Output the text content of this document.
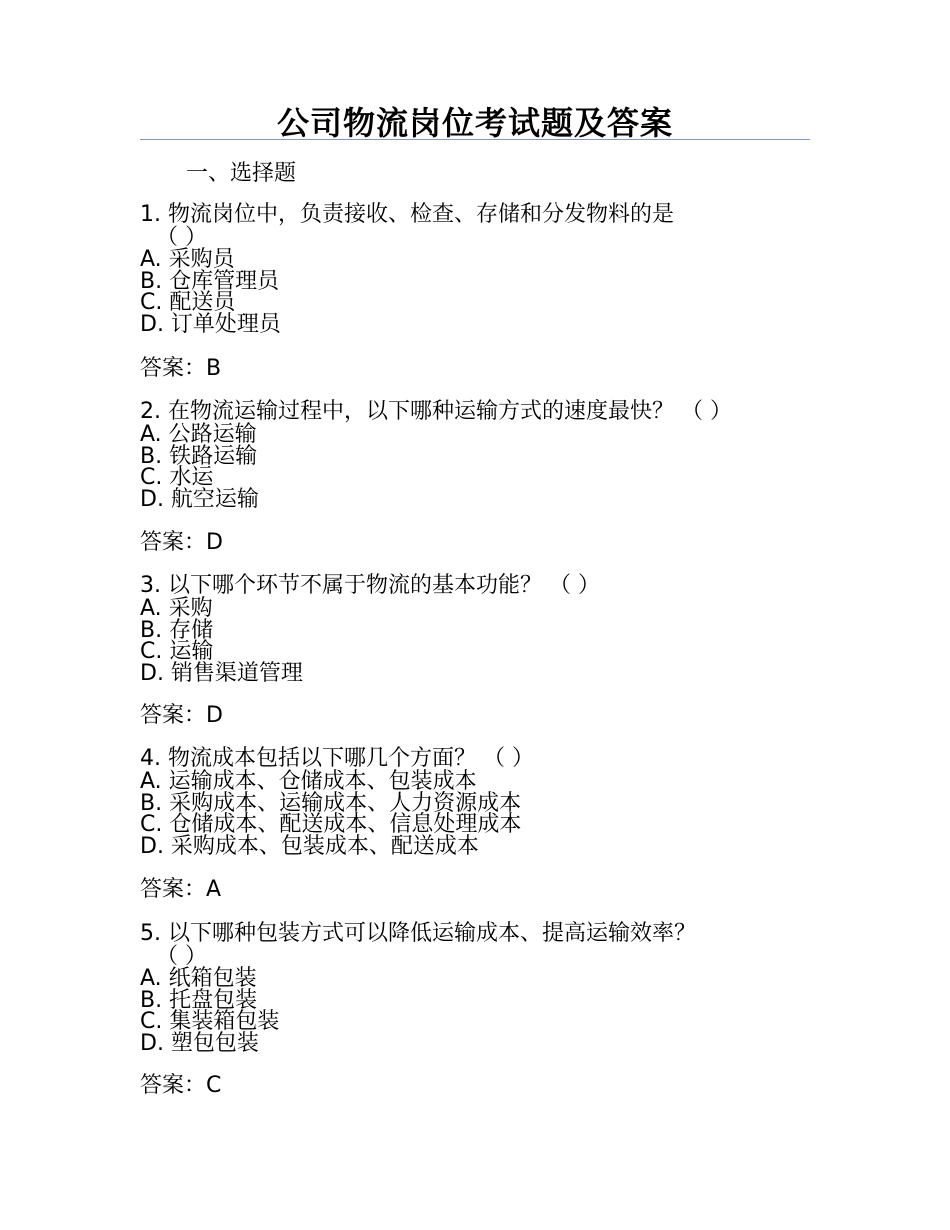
公司物流岗位考试题及答案
一、选择题
1. 物流岗位中，负责接收、检查、存储和分发物料的是
（ ）
A. 采购员
B. 仓库管理员
C. 配送员
D. 订单处理员
答案：B
2. 在物流运输过程中，以下哪种运输方式的速度最快？ （ ）
A. 公路运输
B. 铁路运输
C. 水运
D. 航空运输
答案：D
3. 以下哪个环节不属于物流的基本功能？ （ ）
A. 采购
B. 存储
C. 运输
D. 销售渠道管理
答案：D
4. 物流成本包括以下哪几个方面？ （ ）
A. 运输成本、仓储成本、包装成本
B. 采购成本、运输成本、人力资源成本
C. 仓储成本、配送成本、信息处理成本
D. 采购成本、包装成本、配送成本
答案：A
5. 以下哪种包装方式可以降低运输成本、提高运输效率？
（ ）
A. 纸箱包装
B. 托盘包装
C. 集装箱包装
D. 塑包包装
答案：C
